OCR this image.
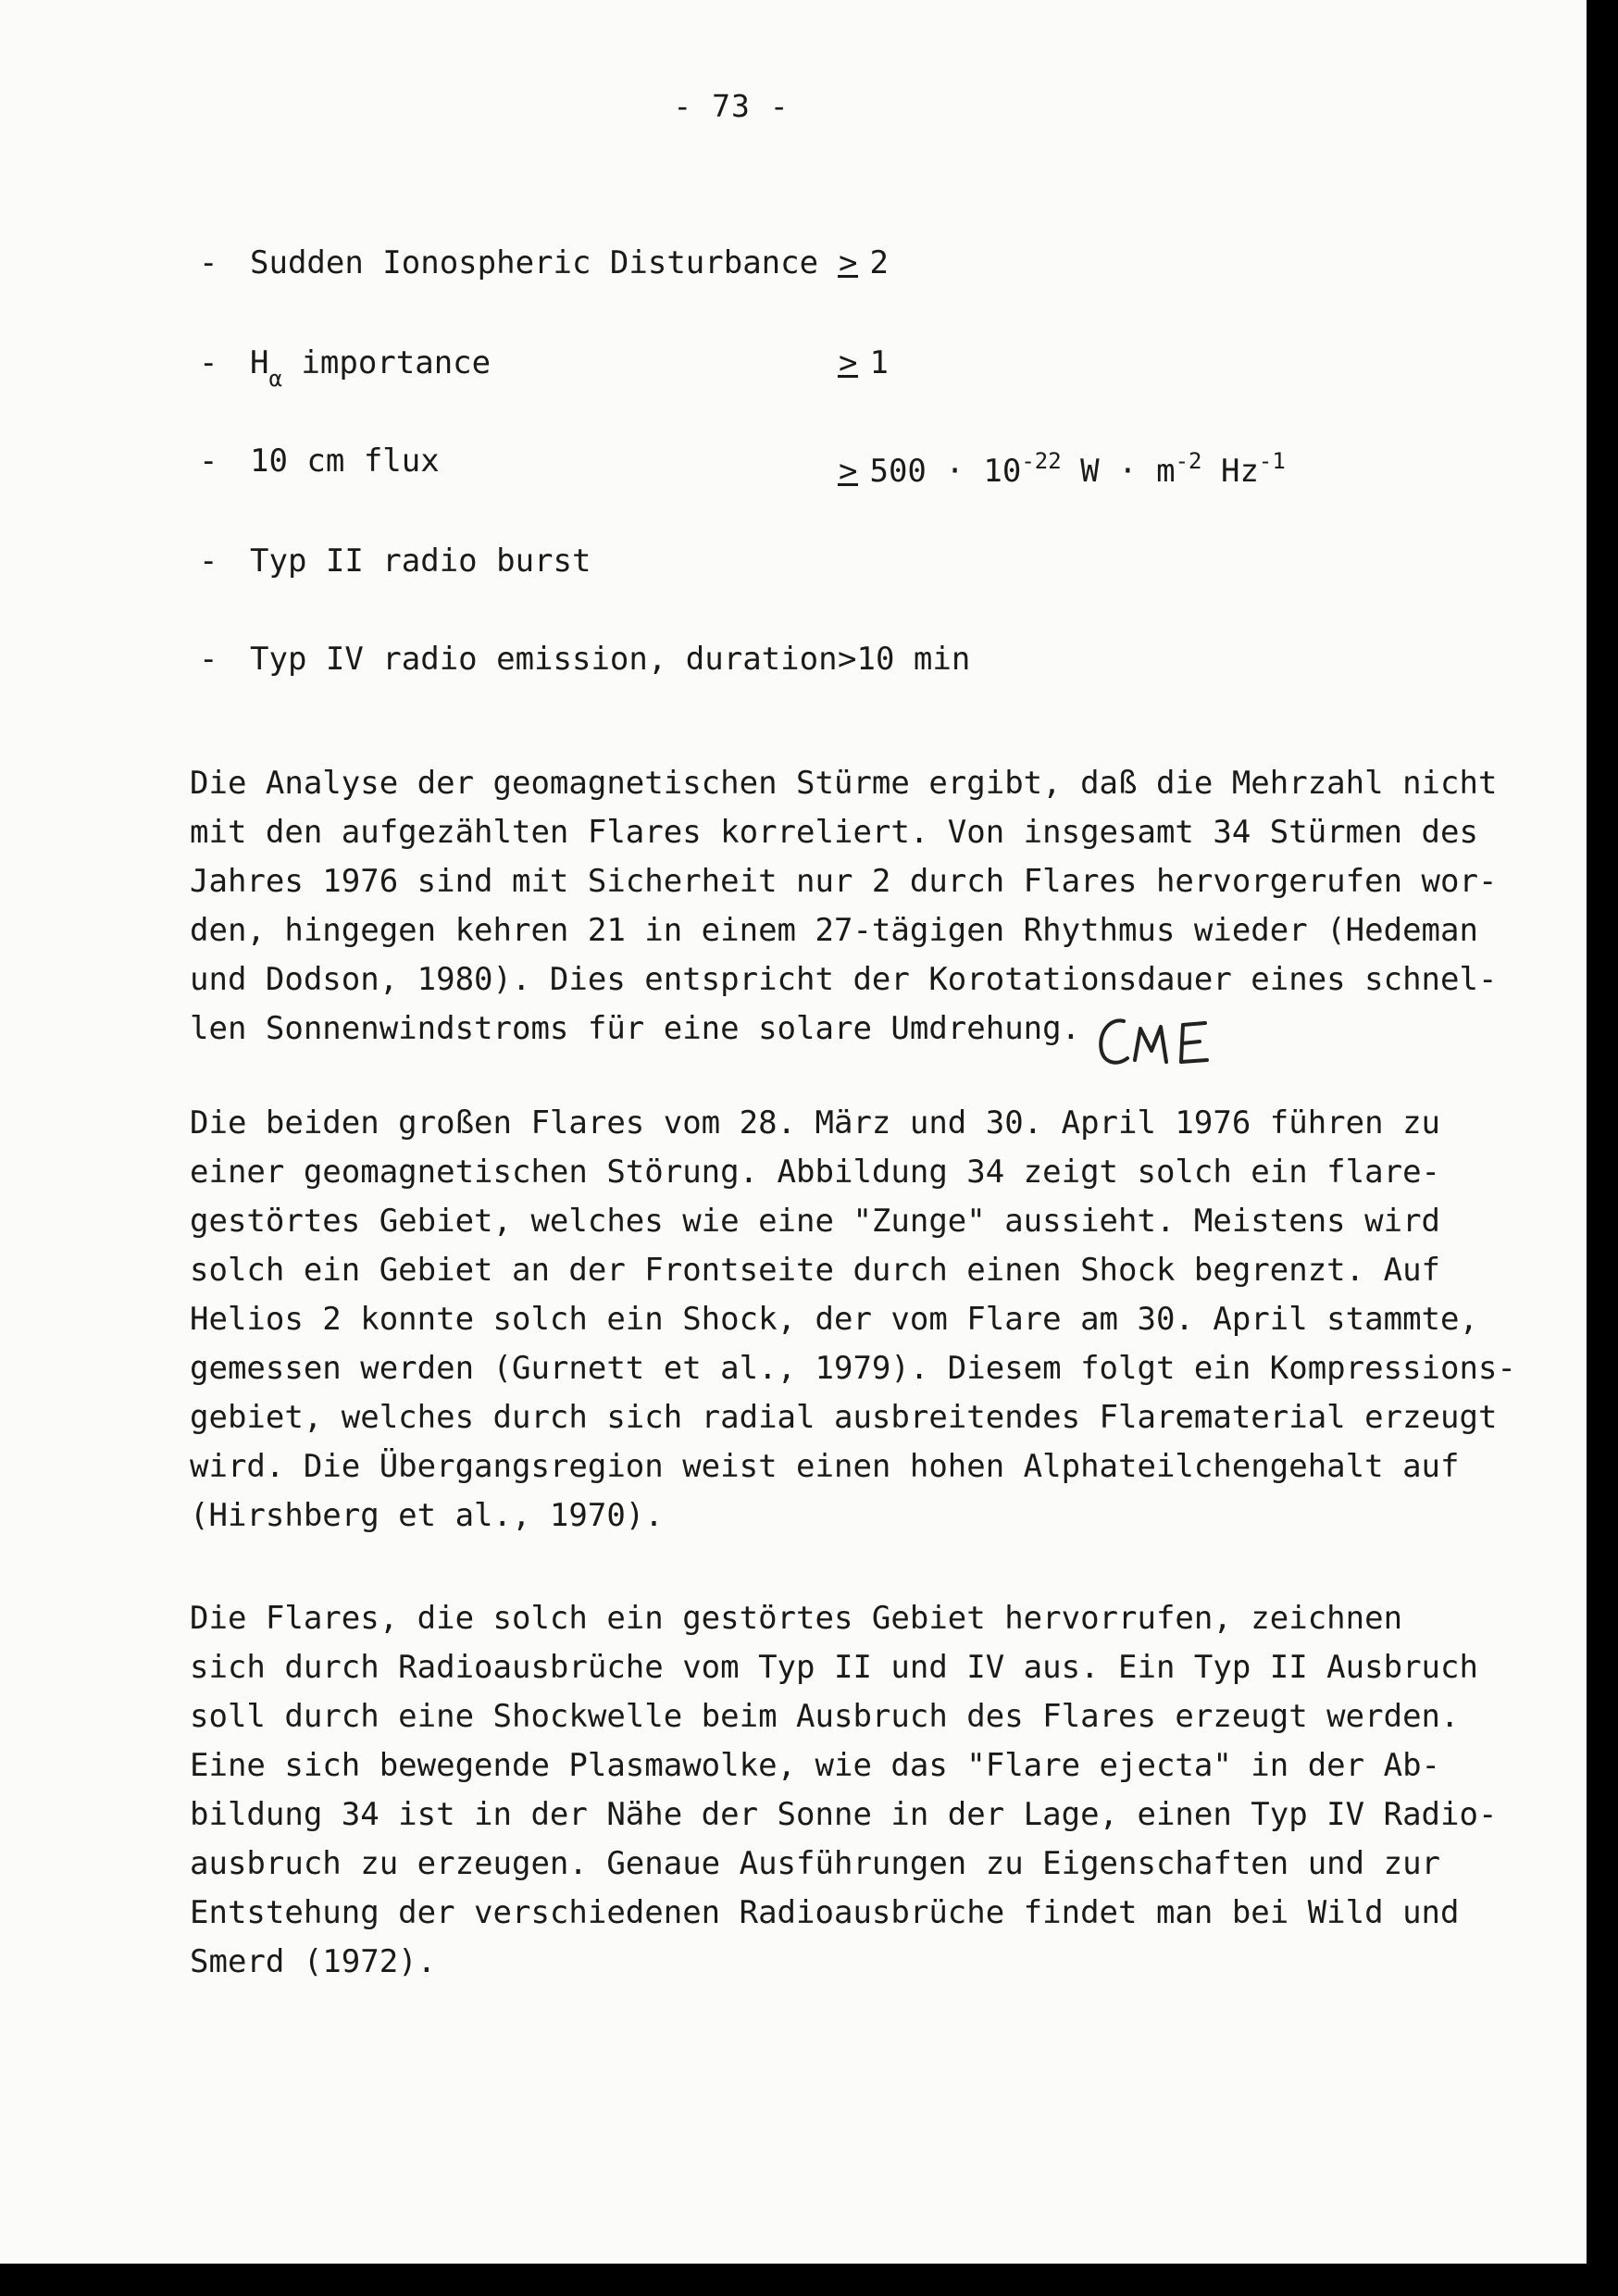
- 73 -
- Sudden Ionospheric Disturbance > 2
- $H_\alpha$ importance	> 1
- 10 cm flux	> $500 \cdot 10^{-22}$ $W \cdot m^{-2}$ $Hz^{-1}$
- Typ II radio burst
- Typ IV radio emission, duration >10 min
Die Analyse der geomagnetischen Stürme ergibt, daß die Mehrzahl nicht
mit den aufgezählten Flares korreliert. Von insgesamt 34 Stürmen des
Jahres 1976 sind mit Sicherheit nur 2 durch Flares hervorgerufen wor-
den, hingegen kehren 21 in einem 27-tägigen Rhythmus wieder (Hedeman
und Dodson, 1980). Dies entspricht der Korotationsdauer eines schnel-
len Sonnenwindstroms für eine solare Umdrehung.
Die beiden großen Flares vom 28. März und 30. April 1976 führen zu
einer geomagnetischen Störung. Abbildung 34 zeigt solch ein flare-
gestörtes Gebiet, welches wie eine "Zunge" aussieht. Meistens wird
solch ein Gebiet an der Frontseite durch einen Shock begrenzt. Auf
Helios 2 konnte solch ein Shock, der vom Flare am 30. April stammte,
gemessen werden (Gurnett et al., 1979). Diesem folgt ein Kompressions-
gebiet, welches durch sich radial ausbreitendes Flarematerial erzeugt
wird. Die Übergangsregion weist einen hohen Alphateilchengehalt auf
(Hirshberg et al., 1970).
Die Flares, die solch ein gestörtes Gebiet hervorrufen, zeichnen
sich durch Radioausbrüche vom Typ II und IV aus. Ein Typ II Ausbruch
soll durch eine Shockwelle beim Ausbruch des Flares erzeugt werden.
Eine sich bewegende Plasmawolke, wie das "Flare ejecta" in der Ab-
bildung 34 ist in der Nähe der Sonne in der Lage, einen Typ IV Radio-
ausbruch zu erzeugen. Genaue Ausführungen zu Eigenschaften und zur
Entstehung der verschiedenen Radioausbrüche findet man bei Wild und
Smerd (1972).
